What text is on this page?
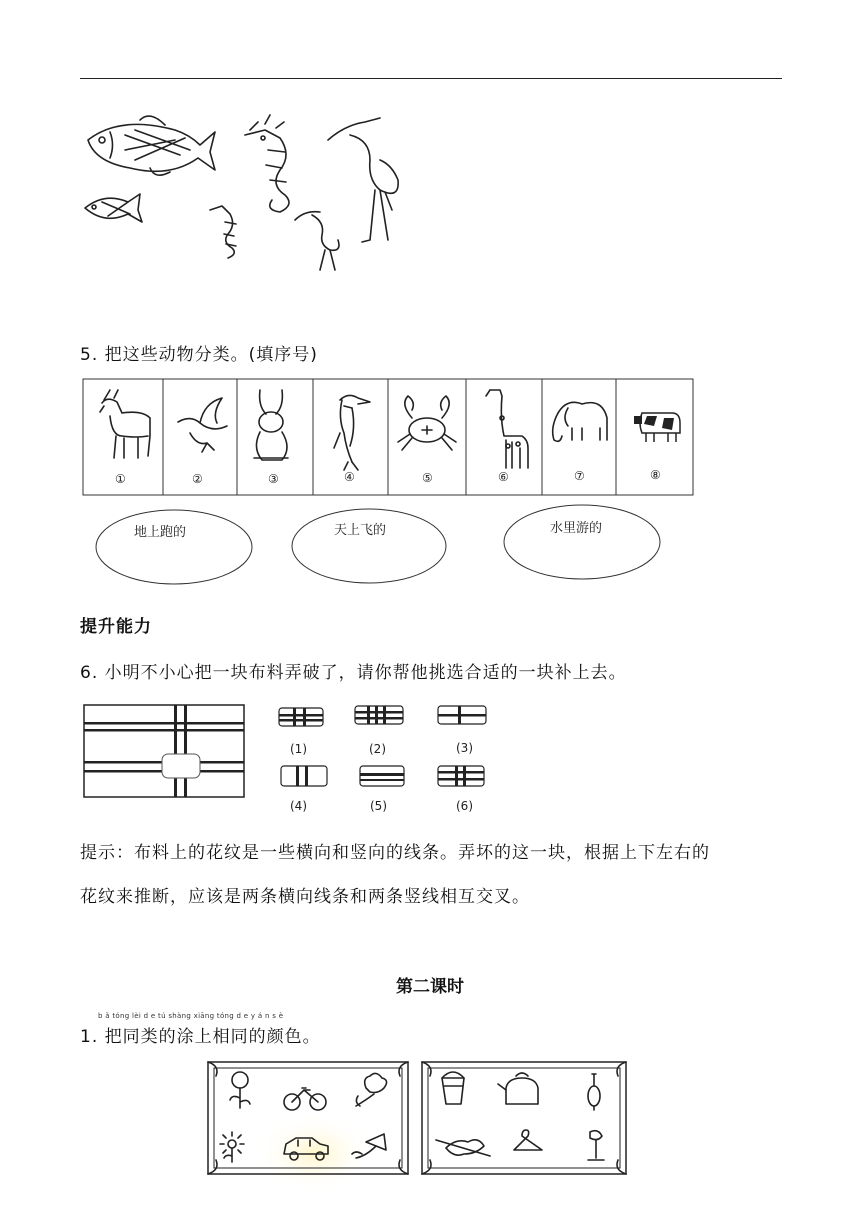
5. 把这些动物分类。(填序号)
①	②	③	④	⑤	⑥	⑦	⑧
地上跑的	天上飞的	水里游的
提升能力
6. 小明不小心把一块布料弄破了，请你帮他挑选合适的一块补上去。
(1)	(2)	(3)
(4)	(5)	(6)
提示：布料上的花纹是一些横向和竖向的线条。弄坏的这一块，根据上下左右的
花纹来推断，应该是两条横向线条和两条竖线相互交叉。
第二课时
b ǎ tóng lèi d e tú shàng xiāng tóng d e y á n s è
1. 把同类的涂上相同的颜色。
